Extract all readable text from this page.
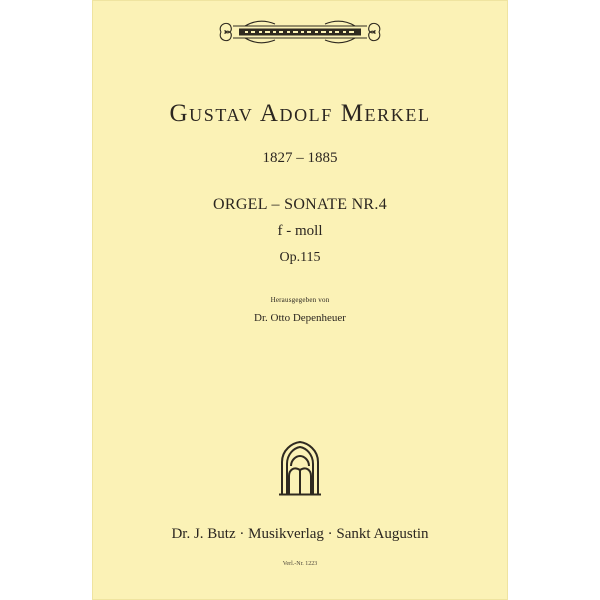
Gustav Adolf Merkel
1827 – 1885
ORGEL – SONATE NR.4
f - moll
Op.115
Herausgegeben von
Dr. Otto Depenheuer
Dr. J. Butz · Musikverlag · Sankt Augustin
Verl.-Nr. 1223
